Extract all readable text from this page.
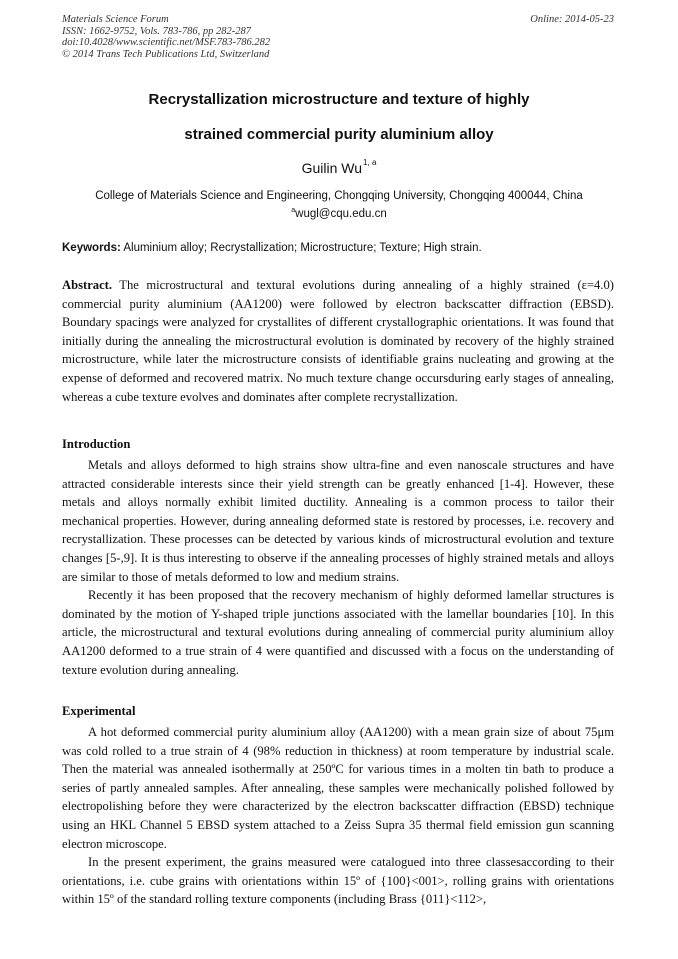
Materials Science Forum
ISSN: 1662-9752, Vols. 783-786, pp 282-287
doi:10.4028/www.scientific.net/MSF.783-786.282
© 2014 Trans Tech Publications Ltd, Switzerland
Online: 2014-05-23
Recrystallization microstructure and texture of highly
strained commercial purity aluminium alloy
Guilin Wu$^{1, a}$
College of Materials Science and Engineering, Chongqing University, Chongqing 400044, China
$^a$wugl@cqu.edu.cn
Keywords: Aluminium alloy; Recrystallization; Microstructure; Texture; High strain.

Abstract. The microstructural and textural evolutions during annealing of a highly strained (ε=4.0) commercial purity aluminium (AA1200) were followed by electron backscatter diffraction (EBSD). Boundary spacings were analyzed for crystallites of different crystallographic orientations. It was found that initially during the annealing the microstructural evolution is dominated by recovery of the highly strained microstructure, while later the microstructure consists of identifiable grains nucleating and growing at the expense of deformed and recovered matrix. No much texture change occursduring early stages of annealing, whereas a cube texture evolves and dominates after complete recrystallization.

Introduction

Metals and alloys deformed to high strains show ultra-fine and even nanoscale structures and have attracted considerable interests since their yield strength can be greatly enhanced [1-4]. However, these metals and alloys normally exhibit limited ductility. Annealing is a common process to tailor their mechanical properties. However, during annealing deformed state is restored by processes, i.e. recovery and recrystallization. These processes can be detected by various kinds of microstructural evolution and texture changes [5-,9]. It is thus interesting to observe if the annealing processes of highly strained metals and alloys are similar to those of metals deformed to low and medium strains.

Recently it has been proposed that the recovery mechanism of highly deformed lamellar structures is dominated by the motion of Y-shaped triple junctions associated with the lamellar boundaries [10]. In this article, the microstructural and textural evolutions during annealing of commercial purity aluminium alloy AA1200 deformed to a true strain of 4 were quantified and discussed with a focus on the understanding of texture evolution during annealing.

Experimental

A hot deformed commercial purity aluminium alloy (AA1200) with a mean grain size of about 75μm was cold rolled to a true strain of 4 (98% reduction in thickness) at room temperature by industrial scale. Then the material was annealed isothermally at 250ºC for various times in a molten tin bath to produce a series of partly annealed samples. After annealing, these samples were mechanically polished followed by electropolishing before they were characterized by the electron backscatter diffraction (EBSD) technique using an HKL Channel 5 EBSD system attached to a Zeiss Supra 35 thermal field emission gun scanning electron microscope.

In the present experiment, the grains measured were catalogued into three classesaccording to their orientations, i.e. cube grains with orientations within 15º of {100}<001>, rolling grains with orientations within 15º of the standard rolling texture components (including Brass {011}<112>,
